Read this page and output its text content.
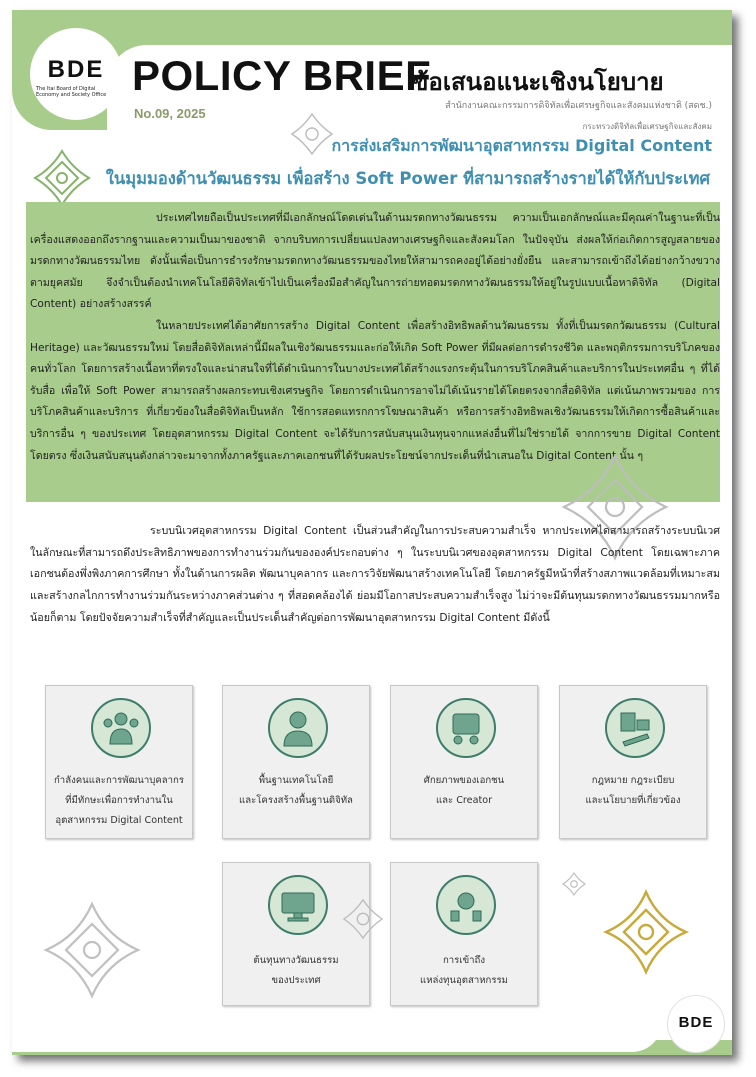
BDE
The Itai Board of Digital Economy and Society Office POLICY BRIEF
ข้อเสนอแนะเชิงนโยบาย
No.09, 2025	สำนักงานคณะกรรมการดิจิทัลเพื่อเศรษฐกิจและสังคมแห่งชาติ (สดช.)
กระทรวงดิจิทัลเพื่อเศรษฐกิจและสังคม
การส่งเสริมการพัฒนาอุตสาหกรรม Digital Content
ในมุมมองด้านวัฒนธรรม เพื่อสร้าง Soft Power ที่สามารถสร้างรายได้ให้กับประเทศ

ประเทศไทยถือเป็นประเทศที่มีเอกลักษณ์โดดเด่นในด้านมรดกทางวัฒนธรรม ความเป็นเอกลักษณ์และมีคุณค่าในฐานะที่เป็นเครื่องแสดงออกถึงรากฐานและความเป็นมาของชาติ จากบริบทการเปลี่ยนแปลงทางเศรษฐกิจและสังคมโลก ในปัจจุบัน ส่งผลให้ก่อเกิดการสูญสลายของมรดกทางวัฒนธรรมไทย ดังนั้นเพื่อเป็นการธำรงรักษามรดกทางวัฒนธรรมของไทยให้สามารถคงอยู่ได้อย่างยั่งยืน และสามารถเข้าถึงได้อย่างกว้างขวางตามยุคสมัย จึงจำเป็นต้องนำเทคโนโลยีดิจิทัลเข้าไปเป็นเครื่องมือสำคัญในการถ่ายทอดมรดกทางวัฒนธรรมให้อยู่ในรูปแบบเนื้อหาดิจิทัล (Digital Content) อย่างสร้างสรรค์

ในหลายประเทศได้อาศัยการสร้าง Digital Content เพื่อสร้างอิทธิพลด้านวัฒนธรรม ทั้งที่เป็นมรดกวัฒนธรรม (Cultural Heritage) และวัฒนธรรมใหม่ โดยสื่อดิจิทัลเหล่านี้มีผลในเชิงวัฒนธรรมและก่อให้เกิด Soft Power ที่มีผลต่อการดำรงชีวิต และพฤติกรรมการบริโภคของคนทั่วโลก โดยการสร้างเนื้อหาที่ตรงใจและน่าสนใจที่ได้ดำเนินการในบางประเทศได้สร้างแรงกระตุ้นในการบริโภคสินค้าและบริการในประเทศอื่น ๆ ที่ได้รับสื่อ เพื่อให้ Soft Power สามารถสร้างผลกระทบเชิงเศรษฐกิจ โดยการดำเนินการอาจไม่ได้เน้นรายได้โดยตรงจากสื่อดิจิทัล แต่เน้นภาพรวมของ การบริโภคสินค้าและบริการ ที่เกี่ยวข้องในสื่อดิจิทัลเป็นหลัก ใช้การสอดแทรกการโฆษณาสินค้า หรือการสร้างอิทธิพลเชิงวัฒนธรรมให้เกิดการซื้อสินค้าและบริการอื่น ๆ ของประเทศ โดยอุตสาหกรรม Digital Content จะได้รับการสนับสนุนเงินทุนจากแหล่งอื่นที่ไม่ใช่รายได้ จากการขาย Digital Content โดยตรง ซึ่งเงินสนับสนุนดังกล่าวจะมาจากทั้งภาครัฐและภาคเอกชนที่ได้รับผลประโยชน์จากประเด็นที่นำเสนอใน Digital Content นั้น ๆ

ระบบนิเวศอุตสาหกรรม Digital Content เป็นส่วนสำคัญในการประสบความสำเร็จ หากประเทศไดสามารถสร้างระบบนิเวศในลักษณะที่สามารถดึงประสิทธิภาพของการทำงานร่วมกันขององค์ประกอบต่าง ๆ ในระบบนิเวศของอุตสาหกรรม Digital Content โดยเฉพาะภาคเอกชนต้องพึ่งพิงภาคการศึกษา ทั้งในด้านการผลิต พัฒนาบุคลากร และการวิจัยพัฒนาสร้างเทคโนโลยี โดยภาครัฐมีหน้าที่สร้างสภาพแวดล้อมที่เหมาะสม และสร้างกลไกการทำงานร่วมกันระหว่างภาคส่วนต่าง ๆ ที่สอดคล้องได้ ย่อมมีโอกาสประสบความสำเร็จสูง ไม่ว่าจะมีต้นทุนมรดกทางวัฒนธรรมมากหรือน้อยก็ตาม โดยปัจจัยความสำเร็จที่สำคัญและเป็นประเด็นสำคัญต่อการพัฒนาอุตสาหกรรม Digital Content มีดังนี้

กำลังคนและการพัฒนาบุคลากร
ที่มีทักษะเพื่อการทำงานใน
อุตสาหกรรม Digital Content
พื้นฐานเทคโนโลยี
และโครงสร้างพื้นฐานดิจิทัล
ศักยภาพของเอกชน
และ Creator
กฎหมาย กฎระเบียบ
และนโยบายที่เกี่ยวข้อง
ต้นทุนทางวัฒนธรรม
ของประเทศ
การเข้าถึง
แหล่งทุนอุตสาหกรรม
BDE
